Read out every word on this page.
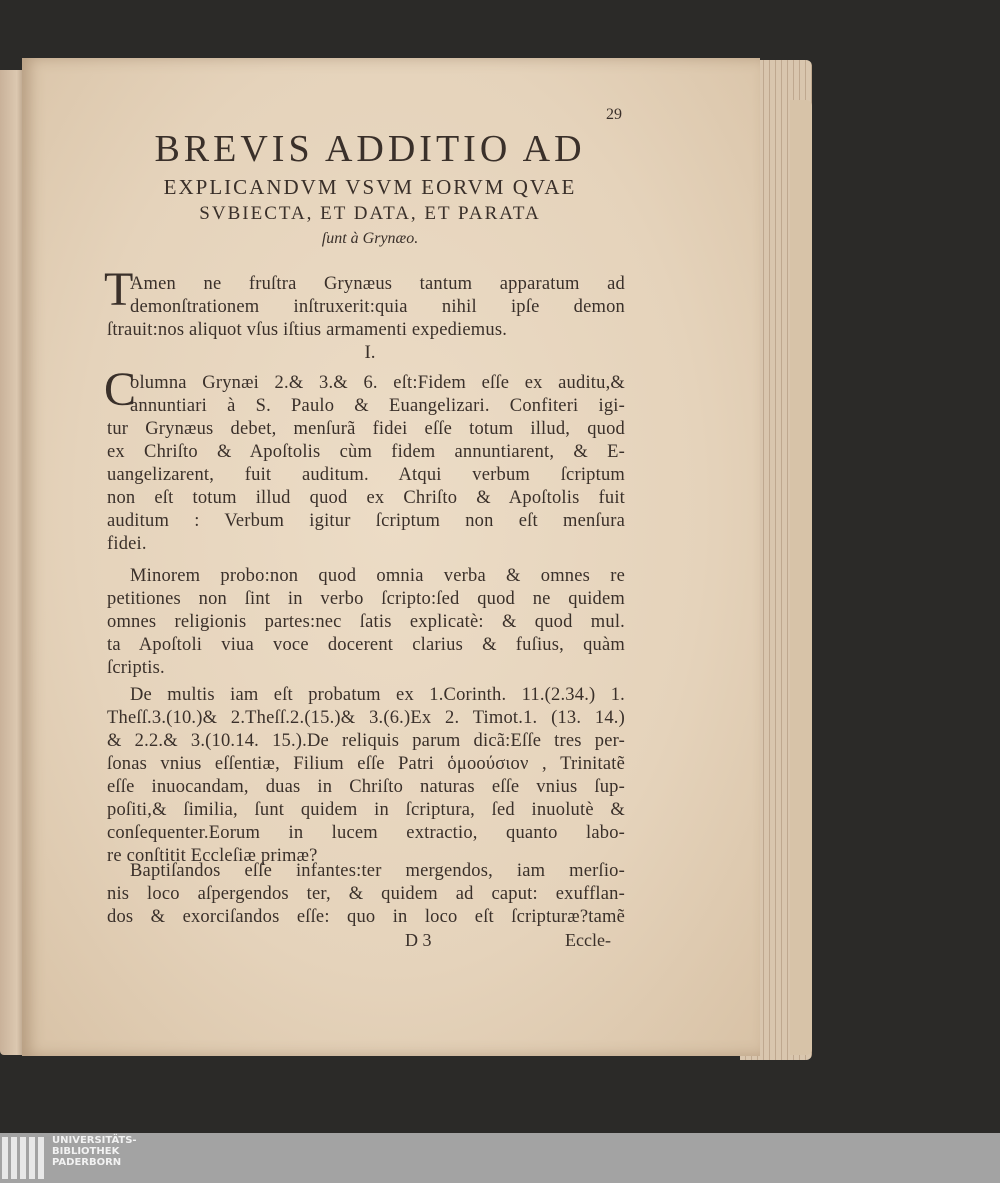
29
BREVIS ADDITIO AD
EXPLICANDVM VSVM EORVM QVAE
SVBIECTA, ET DATA, ET PARATA
ſunt à Grynæo.
T
Amen ne fruſtra Grynæus tantum apparatum ad
demonſtrationem inſtruxerit:quia nihil ipſe demon
ſtrauit:nos aliquot vſus iſtius armamenti expediemus.
I.
C
olumna Grynæi 2.& 3.& 6. eſt:Fidem eſſe ex auditu,&
annuntiari à S. Paulo & Euangelizari. Confiteri igi-
tur Grynæus debet, menſurã fidei eſſe totum illud, quod
ex Chriſto & Apoſtolis cùm fidem annuntiarent, & E-
uangelizarent, fuit auditum. Atqui verbum ſcriptum
non eſt totum illud quod ex Chriſto & Apoſtolis fuit
auditum : Verbum igitur ſcriptum non eſt menſura
fidei.
Minorem probo:non quod omnia verba & omnes re
petitiones non ſint in verbo ſcripto:ſed quod ne quidem
omnes religionis partes:nec ſatis explicatè: & quod mul.
ta Apoſtoli viua voce docerent clarius & fuſius, quàm
ſcriptis.
De multis iam eſt probatum ex 1.Corinth. 11.(2.34.) 1.
Theſſ.3.(10.)& 2.Theſſ.2.(15.)& 3.(6.)Ex 2. Timot.1. (13. 14.)
& 2.2.& 3.(10.14. 15.).De reliquis parum dicã:Eſſe tres per-
ſonas vnius eſſentiæ, Filium eſſe Patri ὁμοούσιον , Trinitatẽ
eſſe inuocandam, duas in Chriſto naturas eſſe vnius ſup-
poſiti,& ſimilia, ſunt quidem in ſcriptura, ſed inuolutè &
conſequenter.Eorum in lucem extractio, quanto labo-
re conſtitit Eccleſiæ primæ?
Baptiſandos eſſe infantes:ter mergendos, iam merſio-
nis loco aſpergendos ter, & quidem ad caput: exufflan-
dos & exorciſandos eſſe: quo in loco eſt ſcripturæ?tamẽ
D 3	Eccle-
UNIVERSITÄTS-
BIBLIOTHEK
PADERBORN
